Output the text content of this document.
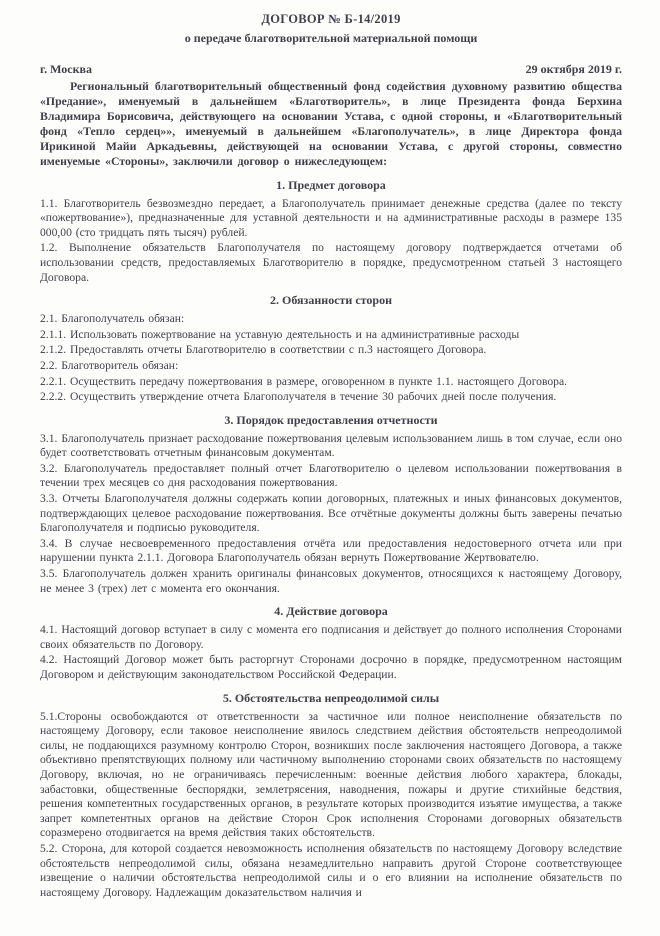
ДОГОВОР № Б-14/2019
о передаче благотворительной материальной помощи
г. Москва	29 октября 2019 г.

Региональный благотворительный общественный фонд содействия духовному развитию общества «Предание», именуемый в дальнейшем «Благотворитель», в лице Президента фонда Берхина Владимира Борисовича, действующего на основании Устава, с одной стороны, и «Благотворительный фонд «Тепло сердец»», именуемый в дальнейшем «Благополучатель», в лице Директора фонда Ирикиной Майи Аркадьевны, действующей на основании Устава, с другой стороны, совместно именуемые «Стороны», заключили договор о нижеследующем:

1. Предмет договора

1.1. Благотворитель безвозмездно передает, а Благополучатель принимает денежные средства (далее по тексту «пожертвование»), предназначенные для уставной деятельности и на административные расходы в размере 135 000,00 (сто тридцать пять тысяч) рублей.

1.2. Выполнение обязательств Благополучателя по настоящему договору подтверждается отчетами об использовании средств, предоставляемых Благотворителю в порядке, предусмотренном статьей 3 настоящего Договора.

2. Обязанности сторон

2.1. Благополучатель обязан:

2.1.1. Использовать пожертвование на уставную деятельность и на административные расходы

2.1.2. Предоставлять отчеты Благотворителю в соответствии с п.3 настоящего Договора.

2.2. Благотворитель обязан:

2.2.1. Осуществить передачу пожертвования в размере, оговоренном в пункте 1.1. настоящего Договора.

2.2.2. Осуществить утверждение отчета Благополучателя в течение 30 рабочих дней после получения.

3. Порядок предоставления отчетности

3.1. Благополучатель признает расходование пожертвования целевым использованием лишь в том случае, если оно будет соответствовать отчетным финансовым документам.

3.2. Благополучатель предоставляет полный отчет Благотворителю о целевом использовании пожертвования в течении трех месяцев со дня расходования пожертвования.

3.3. Отчеты Благополучателя должны содержать копии договорных, платежных и иных финансовых документов, подтверждающих целевое расходование пожертвования. Все отчётные документы должны быть заверены печатью Благополучателя и подписью руководителя.

3.4. В случае несвоевременного предоставления отчёта или предоставления недостоверного отчета или при нарушении пункта 2.1.1. Договора Благополучатель обязан вернуть Пожертвование Жертвователю.

3.5. Благополучатель должен хранить оригиналы финансовых документов, относящихся к настоящему Договору, не менее 3 (трех) лет с момента его окончания.

4. Действие договора

4.1. Настоящий договор вступает в силу с момента его подписания и действует до полного исполнения Сторонами своих обязательств по Договору.

4.2. Настоящий Договор может быть расторгнут Сторонами досрочно в порядке, предусмотренном настоящим Договором и действующим законодательством Российской Федерации.

5. Обстоятельства непреодолимой силы

5.1.Стороны освобождаются от ответственности за частичное или полное неисполнение обязательств по настоящему Договору, если таковое неисполнение явилось следствием действия обстоятельств непреодолимой силы, не поддающихся разумному контролю Сторон, возникших после заключения настоящего Договора, а также объективно препятствующих полному или частичному выполнению сторонами своих обязательств по настоящему Договору, включая, но не ограничиваясь перечисленным: военные действия любого характера, блокады, забастовки, общественные беспорядки, землетрясения, наводнения, пожары и другие стихийные бедствия, решения компетентных государственных органов, в результате которых производится изъятие имущества, а также запрет компетентных органов на действие Сторон Срок исполнения Сторонами договорных обязательств соразмерено отодвигается на время действия таких обстоятельств.

5.2. Сторона, для которой создается невозможность исполнения обязательств по настоящему Договору вследствие обстоятельств непреодолимой силы, обязана незамедлительно направить другой Стороне соответствующее извещение о наличии обстоятельства непреодолимой силы и о его влиянии на исполнение обязательств по настоящему Договору. Надлежащим доказательством наличия и
